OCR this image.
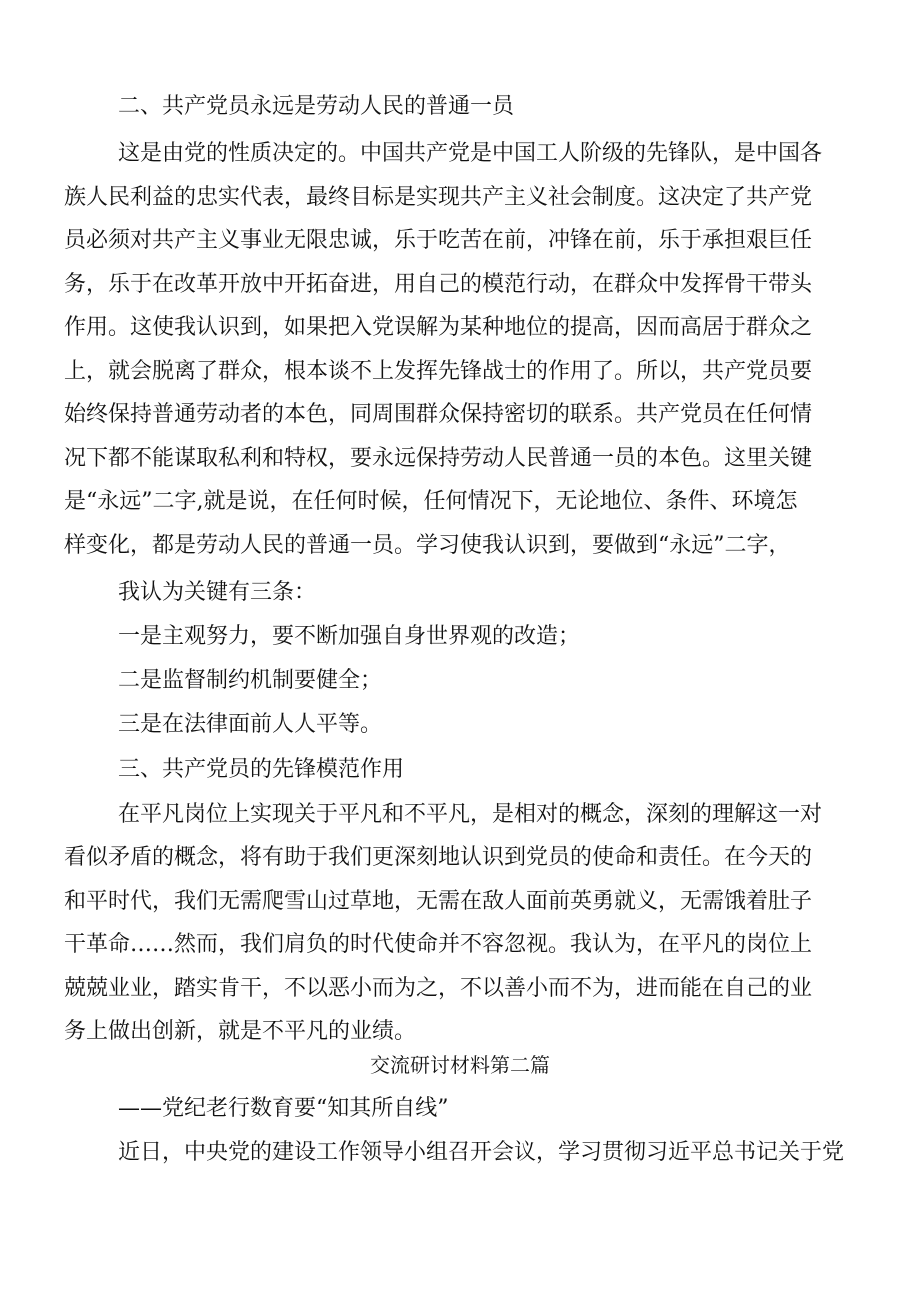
二、共产党员永远是劳动人民的普通一员
这是由党的性质决定的。中国共产党是中国工人阶级的先锋队，是中国各
族人民利益的忠实代表，最终目标是实现共产主义社会制度。这决定了共产党
员必须对共产主义事业无限忠诚，乐于吃苦在前，冲锋在前，乐于承担艰巨任
务，乐于在改革开放中开拓奋进，用自己的模范行动，在群众中发挥骨干带头
作用。这使我认识到，如果把入党误解为某种地位的提高，因而高居于群众之
上，就会脱离了群众，根本谈不上发挥先锋战士的作用了。所以，共产党员要
始终保持普通劳动者的本色，同周围群众保持密切的联系。共产党员在任何情
况下都不能谋取私利和特权，要永远保持劳动人民普通一员的本色。这里关键
是“永远”二字,就是说，在任何时候，任何情况下，无论地位、条件、环境怎
样变化，都是劳动人民的普通一员。学习使我认识到，要做到“永远”二字，
我认为关键有三条：
一是主观努力，要不断加强自身世界观的改造；
二是监督制约机制要健全；
三是在法律面前人人平等。
三、共产党员的先锋模范作用
在平凡岗位上实现关于平凡和不平凡，是相对的概念，深刻的理解这一对
看似矛盾的概念，将有助于我们更深刻地认识到党员的使命和责任。在今天的
和平时代，我们无需爬雪山过草地，无需在敌人面前英勇就义，无需饿着肚子
干革命……然而，我们肩负的时代使命并不容忽视。我认为，在平凡的岗位上
兢兢业业，踏实肯干，不以恶小而为之，不以善小而不为，进而能在自己的业
务上做出创新，就是不平凡的业绩。
交流研讨材料第二篇
——党纪老行数育要“知其所自线”
近日，中央党的建设工作领导小组召开会议，学习贯彻习近平总书记关于党
